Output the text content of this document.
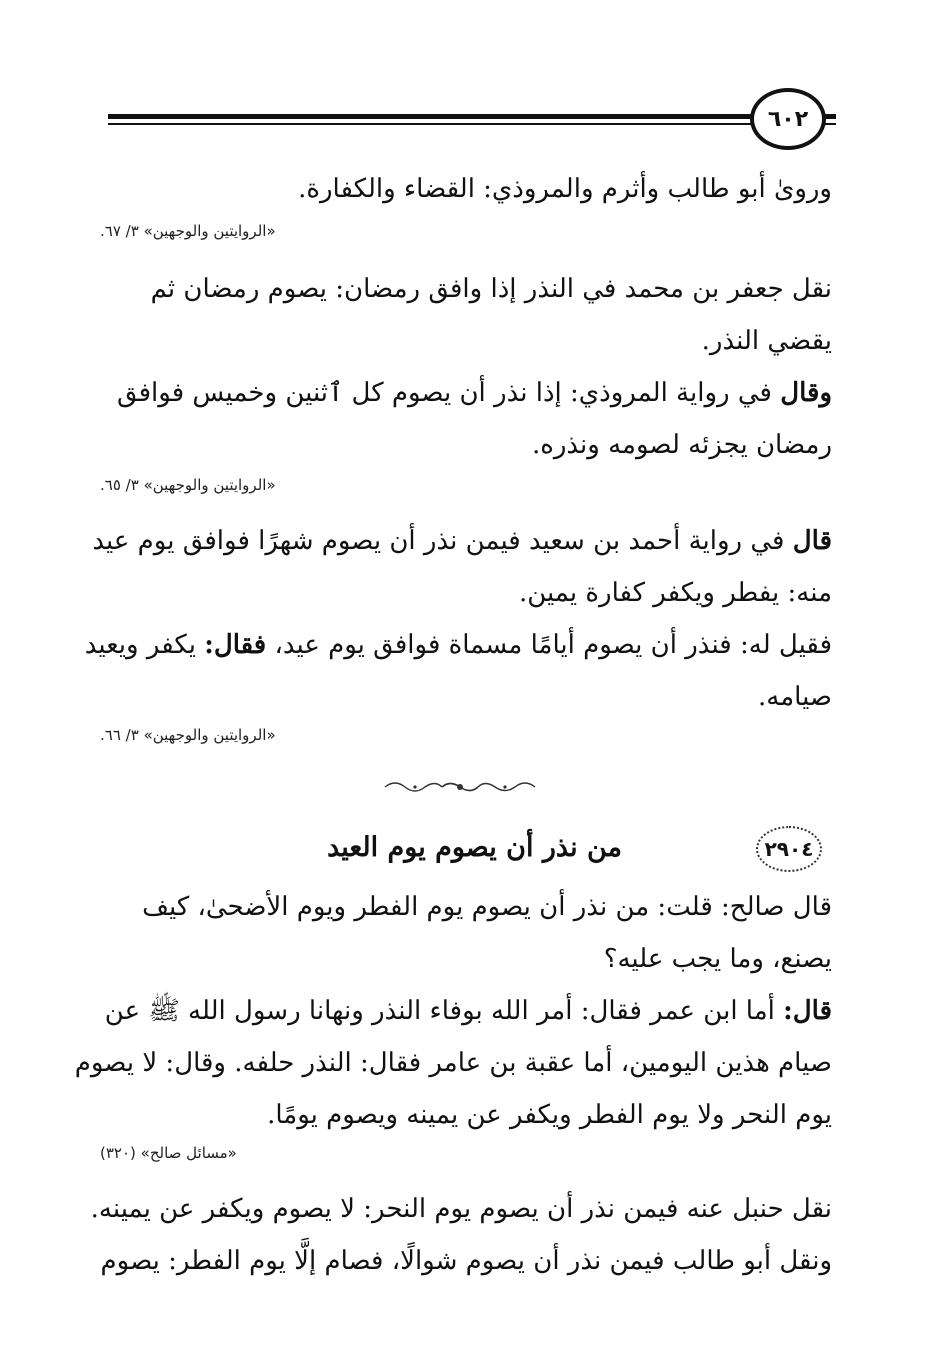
٦٠٢
وروىٰ أبو طالب وأثرم والمروذي: القضاء والكفارة.
«الروايتين والوجهين» ٣/ ٦٧.
نقل جعفر بن محمد في النذر إذا وافق رمضان: يصوم رمضان ثم
يقضي النذر.
وقال في رواية المروذي: إذا نذر أن يصوم كل ٱثنين وخميس فوافق
رمضان يجزئه لصومه ونذره.
«الروايتين والوجهين» ٣/ ٦٥.
قال في رواية أحمد بن سعيد فيمن نذر أن يصوم شهرًا فوافق يوم عيد
منه: يفطر ويكفر كفارة يمين.
فقيل له: فنذر أن يصوم أيامًا مسماة فوافق يوم عيد، فقال: يكفر ويعيد
صيامه.
«الروايتين والوجهين» ٣/ ٦٦.
٢٩٠٤
من نذر أن يصوم يوم العيد
قال صالح: قلت: من نذر أن يصوم يوم الفطر ويوم الأضحىٰ، كيف
يصنع، وما يجب عليه؟
قال: أما ابن عمر فقال: أمر الله بوفاء النذر ونهانا رسول الله ﷺ عن
صيام هذين اليومين، أما عقبة بن عامر فقال: النذر حلفه. وقال: لا يصوم
يوم النحر ولا يوم الفطر ويكفر عن يمينه ويصوم يومًا.
«مسائل صالح» (٣٢٠)
نقل حنبل عنه فيمن نذر أن يصوم يوم النحر: لا يصوم ويكفر عن يمينه.
ونقل أبو طالب فيمن نذر أن يصوم شوالًا، فصام إلَّا يوم الفطر: يصوم
